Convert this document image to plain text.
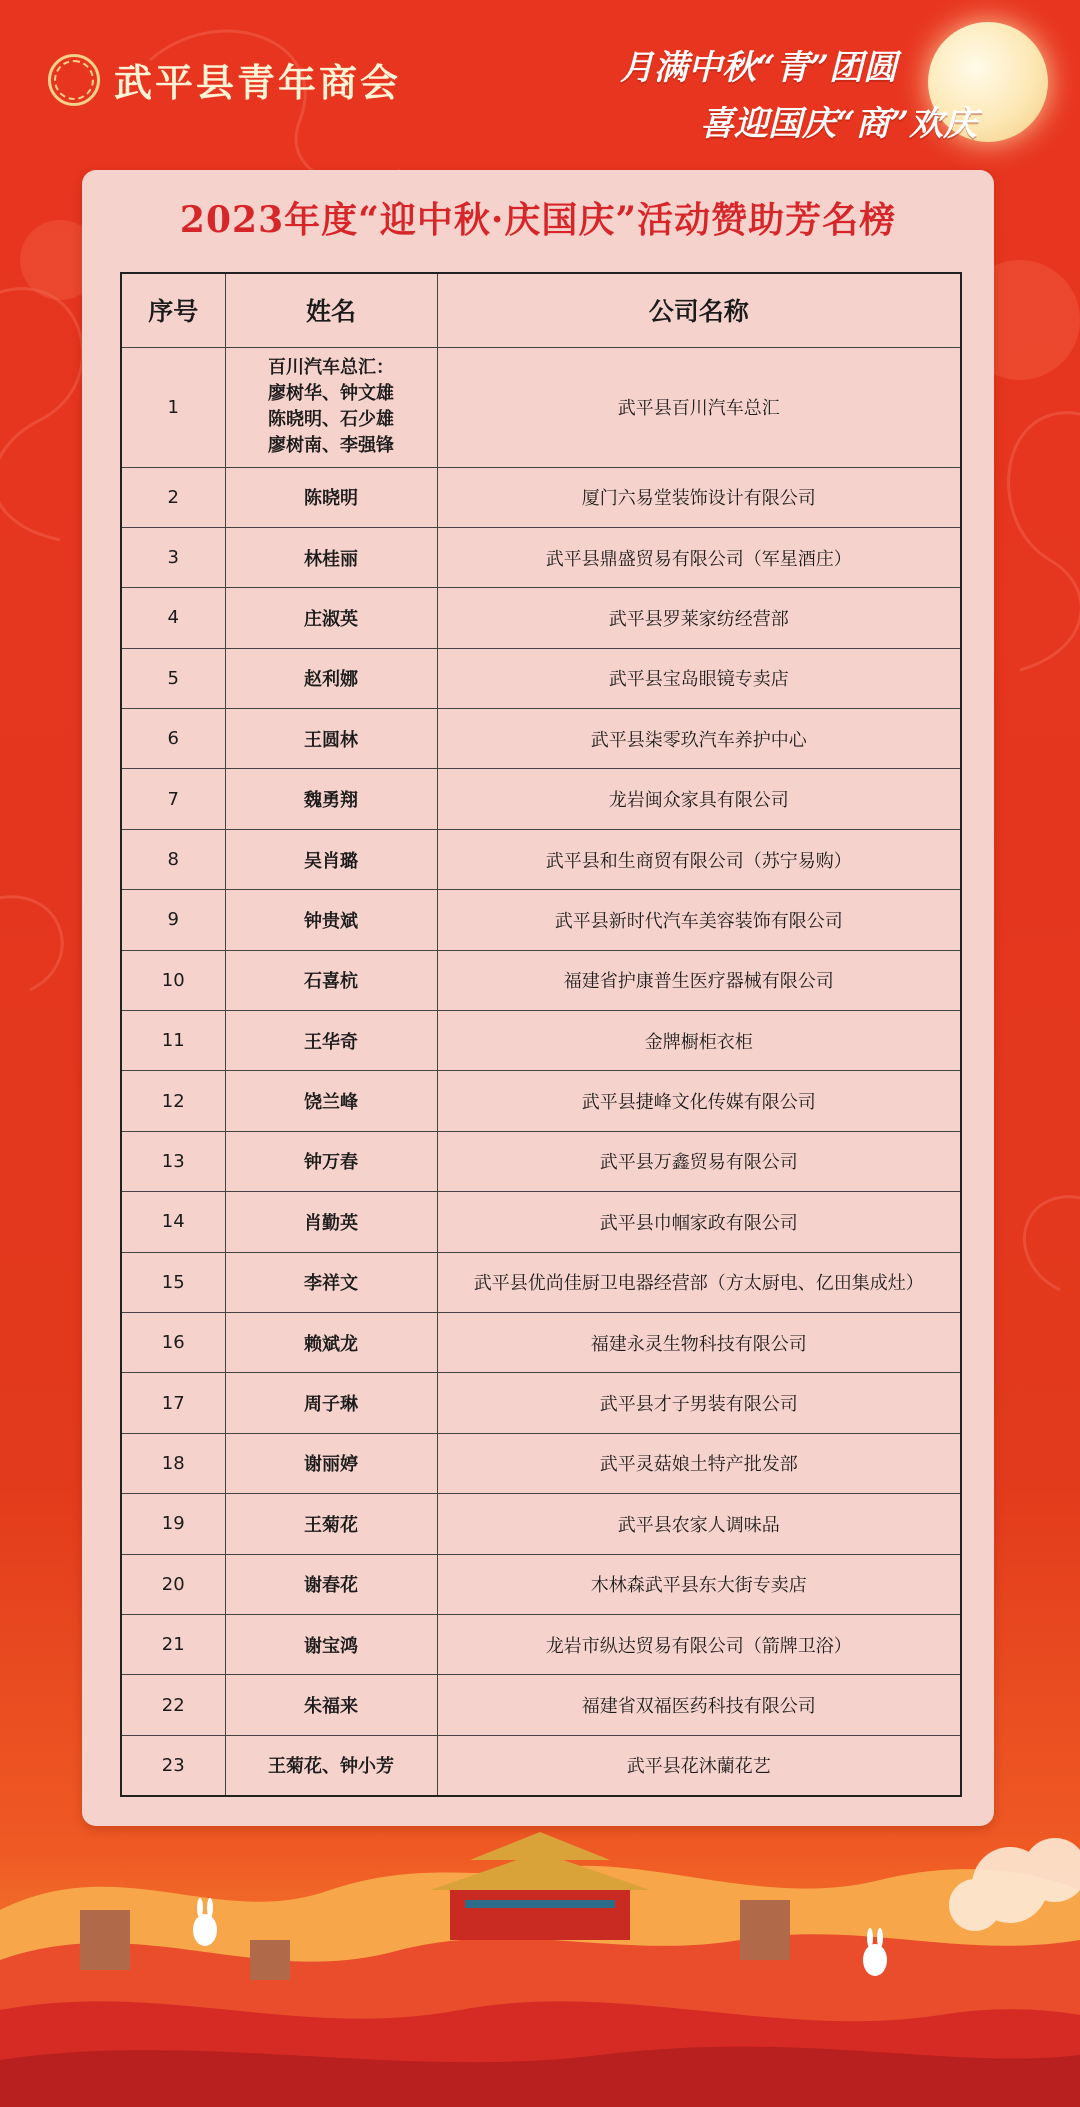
武平县青年商会	月满中秋“青”团圆
喜迎国庆“商”欢庆
2023年度“迎中秋·庆国庆”活动赞助芳名榜
序号	姓名	公司名称
1	百川汽车总汇：
廖树华、钟文雄
陈晓明、石少雄
廖树南、李强锋	武平县百川汽车总汇
2	陈晓明	厦门六易堂装饰设计有限公司
3	林桂丽	武平县鼎盛贸易有限公司（军星酒庄）
4	庄淑英	武平县罗莱家纺经营部
5	赵利娜	武平县宝岛眼镜专卖店
6	王圆林	武平县柒零玖汽车养护中心
7	魏勇翔	龙岩闽众家具有限公司
8	吴肖璐	武平县和生商贸有限公司（苏宁易购）
9	钟贵斌	武平县新时代汽车美容装饰有限公司
10	石喜杭	福建省护康普生医疗器械有限公司
11	王华奇	金牌橱柜衣柜
12	饶兰峰	武平县捷峰文化传媒有限公司
13	钟万春	武平县万鑫贸易有限公司
14	肖勤英	武平县巾帼家政有限公司
15	李祥文	武平县优尚佳厨卫电器经营部（方太厨电、亿田集成灶）
16	赖斌龙	福建永灵生物科技有限公司
17	周子琳	武平县才子男装有限公司
18	谢丽婷	武平灵菇娘土特产批发部
19	王菊花	武平县农家人调味品
20	谢春花	木林森武平县东大街专卖店
21	谢宝鸿	龙岩市纵达贸易有限公司（箭牌卫浴）
22	朱福来	福建省双福医药科技有限公司
23	王菊花、钟小芳	武平县花沐蘭花艺
